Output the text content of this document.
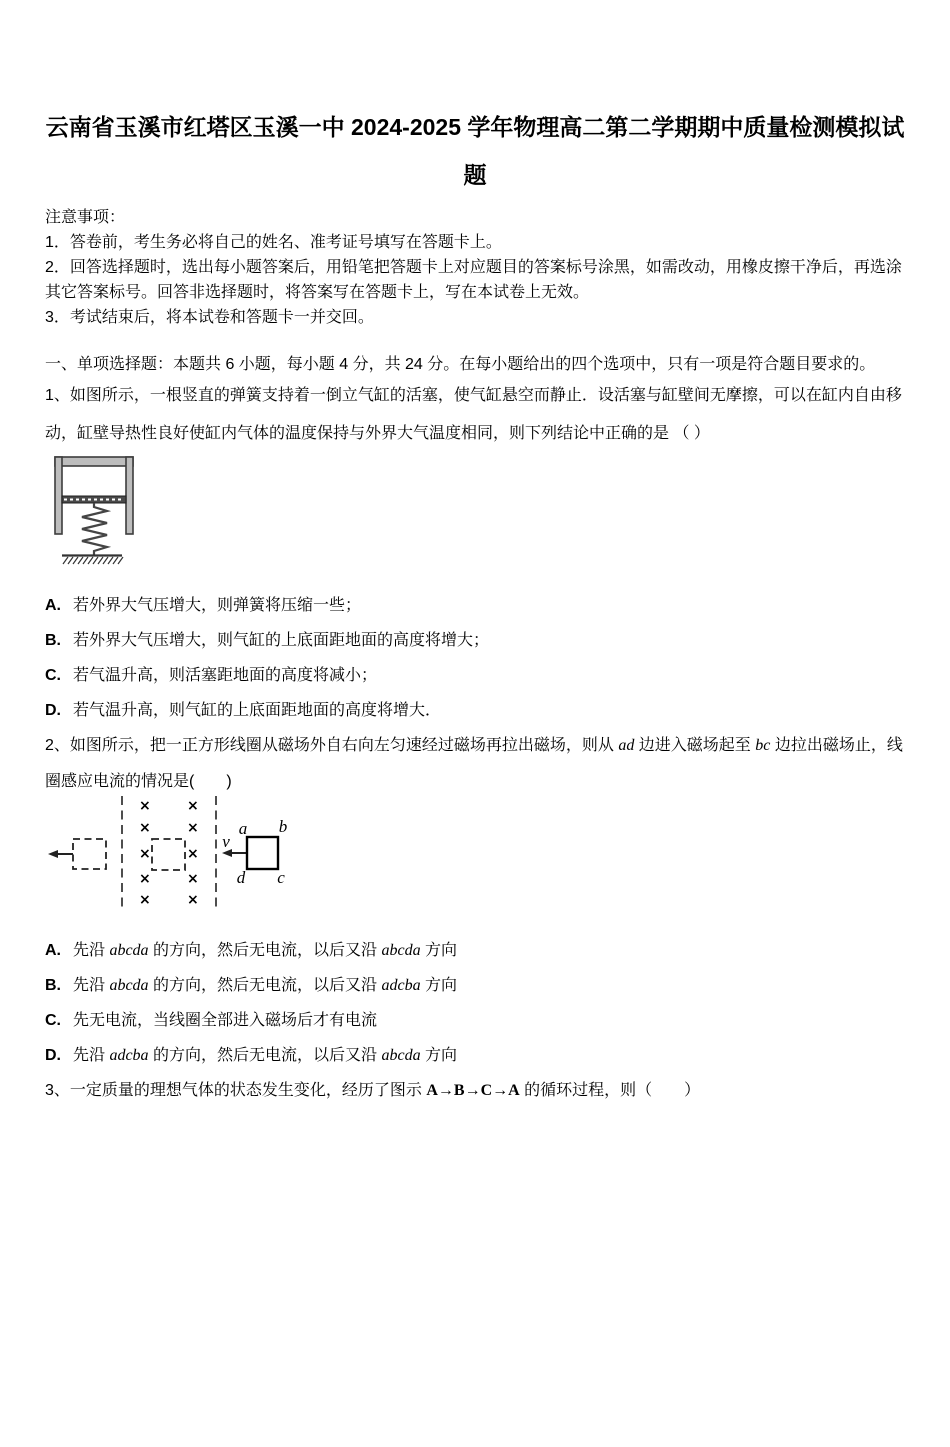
云南省玉溪市红塔区玉溪一中 2024-2025 学年物理高二第二学期期中质量检测模拟试
题

注意事项：

1．答卷前，考生务必将自己的姓名、准考证号填写在答题卡上。

2．回答选择题时，选出每小题答案后，用铅笔把答题卡上对应题目的答案标号涂黑，如需改动，用橡皮擦干净后，再选涂其它答案标号。回答非选择题时，将答案写在答题卡上，写在本试卷上无效。

3．考试结束后，将本试卷和答题卡一并交回。

一、单项选择题：本题共 6 小题，每小题 4 分，共 24 分。在每小题给出的四个选项中，只有一项是符合题目要求的。

1、如图所示，一根竖直的弹簧支持着一倒立气缸的活塞，使气缸悬空而静止．设活塞与缸壁间无摩擦，可以在缸内自由移动，缸壁导热性良好使缸内气体的温度保持与外界大气温度相同，则下列结论中正确的是 （ ）

A. 若外界大气压增大，则弹簧将压缩一些；

B. 若外界大气压增大，则气缸的上底面距地面的高度将增大；

C. 若气温升高，则活塞距地面的高度将减小；

D. 若气温升高，则气缸的上底面距地面的高度将增大．

2、如图所示，把一正方形线圈从磁场外自右向左匀速经过磁场再拉出磁场，则从 ad 边进入磁场起至 bc 边拉出磁场止，线圈感应电流的情况是(　　)

×	×
×	×
×	×
×	×
×	×
v
a b
d c

A. 先沿 abcda 的方向，然后无电流，以后又沿 abcda 方向

B. 先沿 abcda 的方向，然后无电流，以后又沿 adcba 方向

C. 先无电流，当线圈全部进入磁场后才有电流

D. 先沿 adcba 的方向，然后无电流，以后又沿 abcda 方向

3、一定质量的理想气体的状态发生变化，经历了图示 A→B→C→A 的循环过程，则（　　）
